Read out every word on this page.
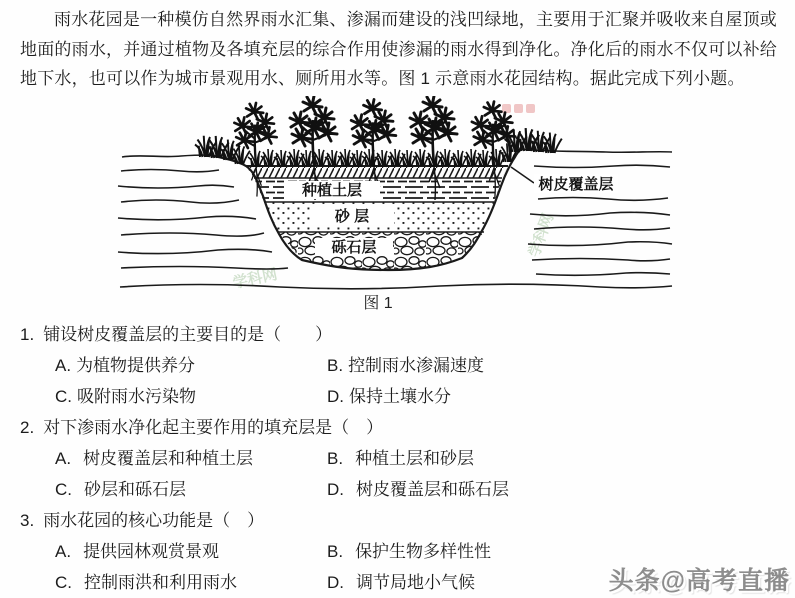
雨水花园是一种模仿自然界雨水汇集、渗漏而建设的浅凹绿地，主要用于汇聚并吸收来自屋顶或地面的雨水，并通过植物及各填充层的综合作用使渗漏的雨水得到净化。净化后的雨水不仅可以补给地下水，也可以作为城市景观用水、厕所用水等。图 1 示意雨水花园结构。据此完成下列小题。

学科网
学科网
种植土层
砂 层
砾石层
树皮覆盖层
图 1
1. 铺设树皮覆盖层的主要目的是（　　）
A. 为植物提供养分	B. 控制雨水渗漏速度
C. 吸附雨水污染物	D. 保持土壤水分
2. 对下渗雨水净化起主要作用的填充层是（　）
A. 树皮覆盖层和种植土层	B. 种植土层和砂层
C. 砂层和砾石层	D. 树皮覆盖层和砾石层
3. 雨水花园的核心功能是（　）
A. 提供园林观赏景观	B. 保护生物多样性性
C. 控制雨洪和利用雨水	D. 调节局地小气候	头条@高考直播
